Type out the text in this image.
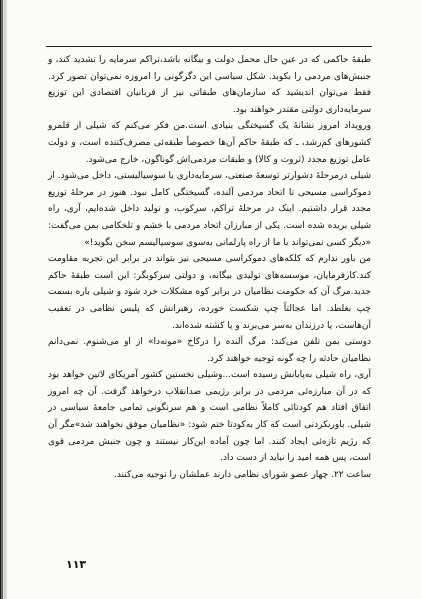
طبقهٔ حاکمی که در عین حال محمل دولت و بیگانه باشد،تراکم سرمایه را تشدید کند، و جنبش‌های مردمی را بکوبد. شکل سیاسی این دگرگونی را امروزه نمی‌توان تصور کرد. فقط می‌توان اندیشید که سازمان‌های طبقاتی نیز از قربانیان اقتصادی این توزیع سرمایه‌داری دولتی مقتدر خواهند بود.

ورویداد امروز نشانهٔ یک گسیختگی بنیادی است.من فکر می‌کنم که شیلی از قلمرو کشورهای کم‌رشد، ـ که طبقهٔ حاکم آن‌ها خصوصاً طبقه‌ئی مصرف‌کننده است، و دولت عامل توزیع مجدد (ثروت و کالا) و طبقات مردمی‌اش گوناگون، خارج می‌شود.

شیلی درمرحلهٔ دشوارتر توسعهٔ صنعتی، سرمایه‌داری یا سوسیالیستی، داخل می‌شود. از دموکراسی مسیحی تا اتحاد مردمی آلنده، گسیختگی کامل نبود. هنوز در مرحلهٔ توزیع مجدد قرار داشتیم. اینک در مرحلهٔ تراکم، سرکوب، و تولید داخل شده‌ایم، آری، راه شیلی بریده شده است. یکی از مبارزان اتحاد مردمی با خشم و تلخکامی بمن می‌گفت: «دیگر کسی نمی‌تواند با ما از راه پارلمانی به‌سوی سوسیالیسم سخن بگوید!»

من باور ندارم که کلکه‌های دموکراسی مسیحی نیز بتواند در برابر این تجربه مقاومت کند.کارفرمایان، موسسه‌های تولیدی بیگانه، و دولتی سرکوبگر: این است طبقهٔ حاکم جدید.مرگ آن که حکومت نظامیان در برابر کوه مشکلات خرد شود و شیلی باره بسمت چپ بغلطد. اما عجالتاً چپ شکست خورده، رهبرانش که پلیس نظامی در تعقیب آن‌هاست، یا درزندان به‌سر می‌برند و یا کشته شده‌اند.

دوستی بمن تلفن می‌کند: مرگ آلنده را درکاخ «مونه‌دا» از او می‌شنوم. نمی‌دانم نظامیان حادثه را چه گونه توجیه خواهند کرد.

آری، راه شیلی به‌پایانش رسیده است...وشیلی نخستین کشور آمریکای لاتین خواهد بود که در آن مبارزه‌ئی مردمی در برابر رژیمی ضدانقلاب درخواهد گرفت. آن چه امروز اتفاق افتاد هم کودتائی کاملاً نظامی است و هم سرنگونی تمامی جامعهٔ سیاسی در شیلی. باورنکردنی است که کار به‌کودتا ختم شود: «نظامیان موفق نخواهند شد»مگر آن که رژیم تازه‌ئی ایجاد کنند. اما چون آماده این‌کار نیستند و چون جنبش مردمی قوی است، پس همه امید را نباید از دست داد.

ساعت ۲۲. چهار عضو شورای نظامی دارند عملشان را توجیه می‌کنند.

۱۱۳
